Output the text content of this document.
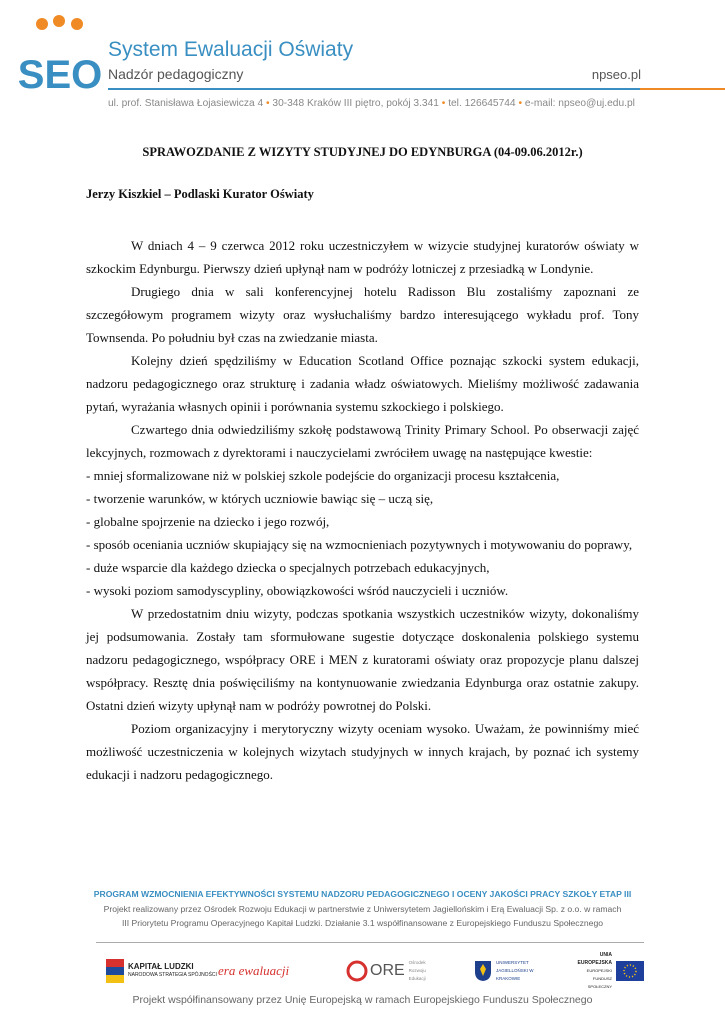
SEO
System Ewaluacji Oświaty
Nadzór pedagogiczny	npseo.pl
ul. prof. Stanisława Łojasiewicza 4 • 30-348 Kraków III piętro, pokój 3.341 • tel. 126645744 • e-mail: npseo@uj.edu.pl
SPRAWOZDANIE Z WIZYTY STUDYJNEJ DO EDYNBURGA (04-09.06.2012r.)
Jerzy Kiszkiel – Podlaski Kurator Oświaty

W dniach 4 – 9 czerwca 2012 roku uczestniczyłem w wizycie studyjnej kuratorów oświaty w szkockim Edynburgu. Pierwszy dzień upłynął nam w podróży lotniczej z przesiadką w Londynie.

Drugiego dnia w sali konferencyjnej hotelu Radisson Blu zostaliśmy zapoznani ze szczegółowym programem wizyty oraz wysłuchaliśmy bardzo interesującego wykładu prof. Tony Townsenda. Po południu był czas na zwiedzanie miasta.

Kolejny dzień spędziliśmy w Education Scotland Office poznając szkocki system edukacji, nadzoru pedagogicznego oraz strukturę i zadania władz oświatowych. Mieliśmy możliwość zadawania pytań, wyrażania własnych opinii i porównania systemu szkockiego i polskiego.

Czwartego dnia odwiedziliśmy szkołę podstawową Trinity Primary School. Po obserwacji zajęć lekcyjnych, rozmowach z dyrektorami i nauczycielami zwróciłem uwagę na następujące kwestie:

- mniej sformalizowane niż w polskiej szkole podejście do organizacji procesu kształcenia,

- tworzenie warunków, w których uczniowie bawiąc się – uczą się,

- globalne spojrzenie na dziecko i jego rozwój,

- sposób oceniania uczniów skupiający się na wzmocnieniach pozytywnych i motywowaniu do poprawy,

- duże wsparcie dla każdego dziecka o specjalnych potrzebach edukacyjnych,

- wysoki poziom samodyscypliny, obowiązkowości wśród nauczycieli i uczniów.

W przedostatnim dniu wizyty, podczas spotkania wszystkich uczestników wizyty, dokonaliśmy jej podsumowania. Zostały tam sformułowane sugestie dotyczące doskonalenia polskiego systemu nadzoru pedagogicznego, współpracy ORE i MEN z kuratorami oświaty oraz propozycje planu dalszej współpracy. Resztę dnia poświęciliśmy na kontynuowanie zwiedzania Edynburga oraz ostatnie zakupy. Ostatni dzień wizyty upłynął nam w podróży powrotnej do Polski.

Poziom organizacyjny i merytoryczny wizyty oceniam wysoko. Uważam, że powinniśmy mieć możliwość uczestniczenia w kolejnych wizytach studyjnych w innych krajach, by poznać ich systemy edukacji i nadzoru pedagogicznego.

PROGRAM WZMOCNIENIA EFEKTYWNOŚCI SYSTEMU NADZORU PEDAGOGICZNEGO I OCENY JAKOŚCI PRACY SZKOŁY ETAP III
Projekt realizowany przez Ośrodek Rozwoju Edukacji w partnerstwie z Uniwersytetem Jagiellońskim i Erą Ewaluacji Sp. z o.o. w ramach
III Priorytetu Programu Operacyjnego Kapitał Ludzki. Działanie 3.1 współfinansowane z Europejskiego Funduszu Społecznego
KAPITAŁ LUDZKI
NARODOWA STRATEGIA SPÓJNOŚCI era ewaluacji	ORE Ośrodek Rozwoju Edukacji
UNIWERSYTET JAGIELLOŃSKI W KRAKOWIE
UNIA EUROPEJSKA
EUROPEJSKI FUNDUSZ SPOŁECZNY
Projekt współfinansowany przez Unię Europejską w ramach Europejskiego Funduszu Społecznego
